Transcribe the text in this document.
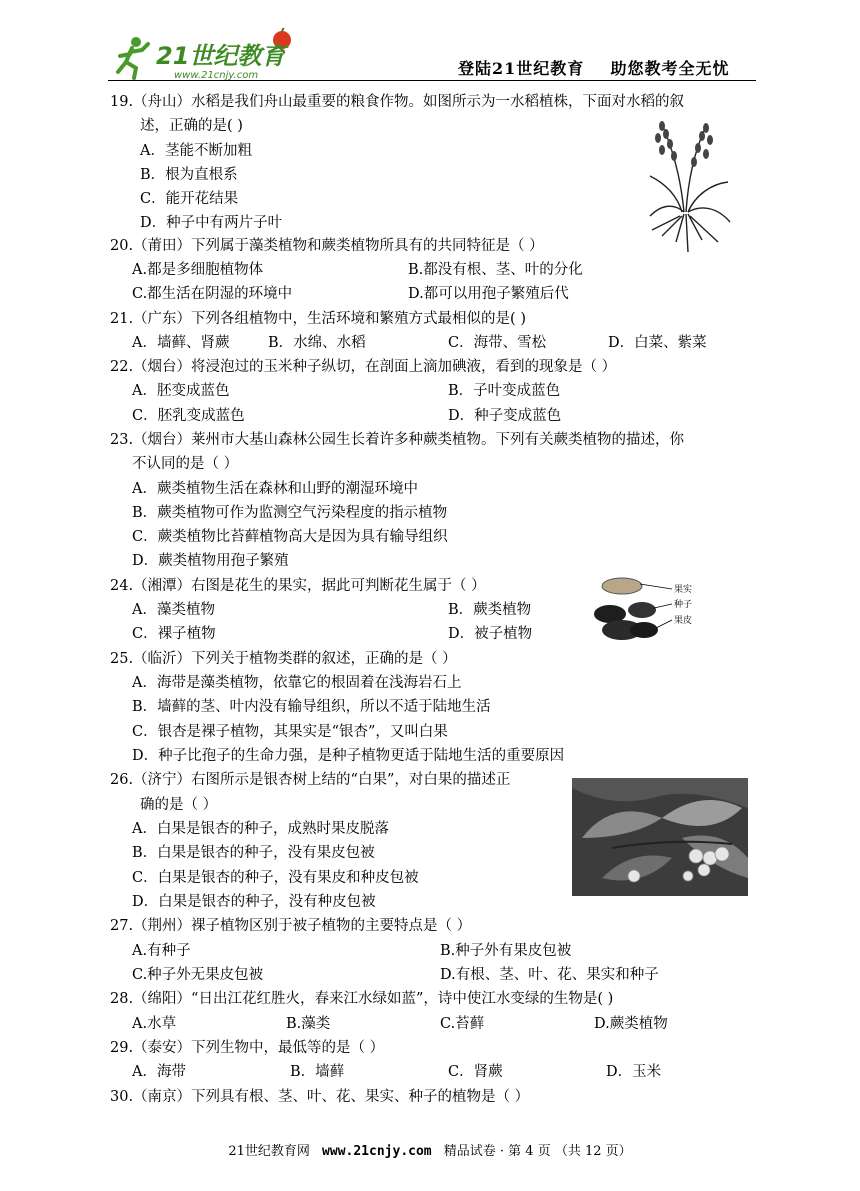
21世纪教育
www.21cnjy.com	登陆21世纪教育    助您教考全无忧
19.（舟山）水稻是我们舟山最重要的粮食作物。如图所示为一水稻植株，下面对水稻的叙
述，正确的是( )
A．茎能不断加粗
B．根为直根系
C．能开花结果
D．种子中有两片子叶
20.（莆田）下列属于藻类植物和蕨类植物所具有的共同特征是（ ）
A.都是多细胞植物体	B.都没有根、茎、叶的分化
C.都生活在阴湿的环境中	D.都可以用孢子繁殖后代
21.（广东）下列各组植物中，生活环境和繁殖方式最相似的是( )
A．墙藓、肾蕨	B．水绵、水稻	C．海带、雪松	D．白菜、紫菜
22.（烟台）将浸泡过的玉米种子纵切，在剖面上滴加碘液，看到的现象是（ ）
A．胚变成蓝色	B．子叶变成蓝色
C．胚乳变成蓝色	D．种子变成蓝色
23.（烟台）莱州市大基山森林公园生长着许多种蕨类植物。下列有关蕨类植物的描述，你
不认同的是（ ）
A．蕨类植物生活在森林和山野的潮湿环境中
B．蕨类植物可作为监测空气污染程度的指示植物
C．蕨类植物比苔藓植物高大是因为具有输导组织
D．蕨类植物用孢子繁殖
24.（湘潭）右图是花生的果实，据此可判断花生属于（ ）
A．藻类植物	B．蕨类植物
C．裸子植物	D．被子植物
果实
种子
果皮
25.（临沂）下列关于植物类群的叙述，正确的是（ ）
A．海带是藻类植物，依靠它的根固着在浅海岩石上
B．墙藓的茎、叶内没有输导组织，所以不适于陆地生活
C．银杏是裸子植物，其果实是“银杏”，又叫白果
D．种子比孢子的生命力强，是种子植物更适于陆地生活的重要原因
26.（济宁）右图所示是银杏树上结的“白果”，对白果的描述正
确的是（ ）
A．白果是银杏的种子，成熟时果皮脱落
B．白果是银杏的种子，没有果皮包被
C．白果是银杏的种子，没有果皮和种皮包被
D．白果是银杏的种子，没有种皮包被
27.（荆州）裸子植物区别于被子植物的主要特点是（ ）
A.有种子	B.种子外有果皮包被
C.种子外无果皮包被	D.有根、茎、叶、花、果实和种子
28.（绵阳）“日出江花红胜火，春来江水绿如蓝”，诗中使江水变绿的生物是( )
A.水草	B.藻类	C.苔藓	D.蕨类植物
29.（泰安）下列生物中，最低等的是（ ）
A．海带	B．墙藓	C．肾蕨	D．玉米
30.（南京）下列具有根、茎、叶、花、果实、种子的植物是（ ）
21世纪教育网 www.21cnjy.com 精品试卷 · 第 4 页 （共 12 页）
